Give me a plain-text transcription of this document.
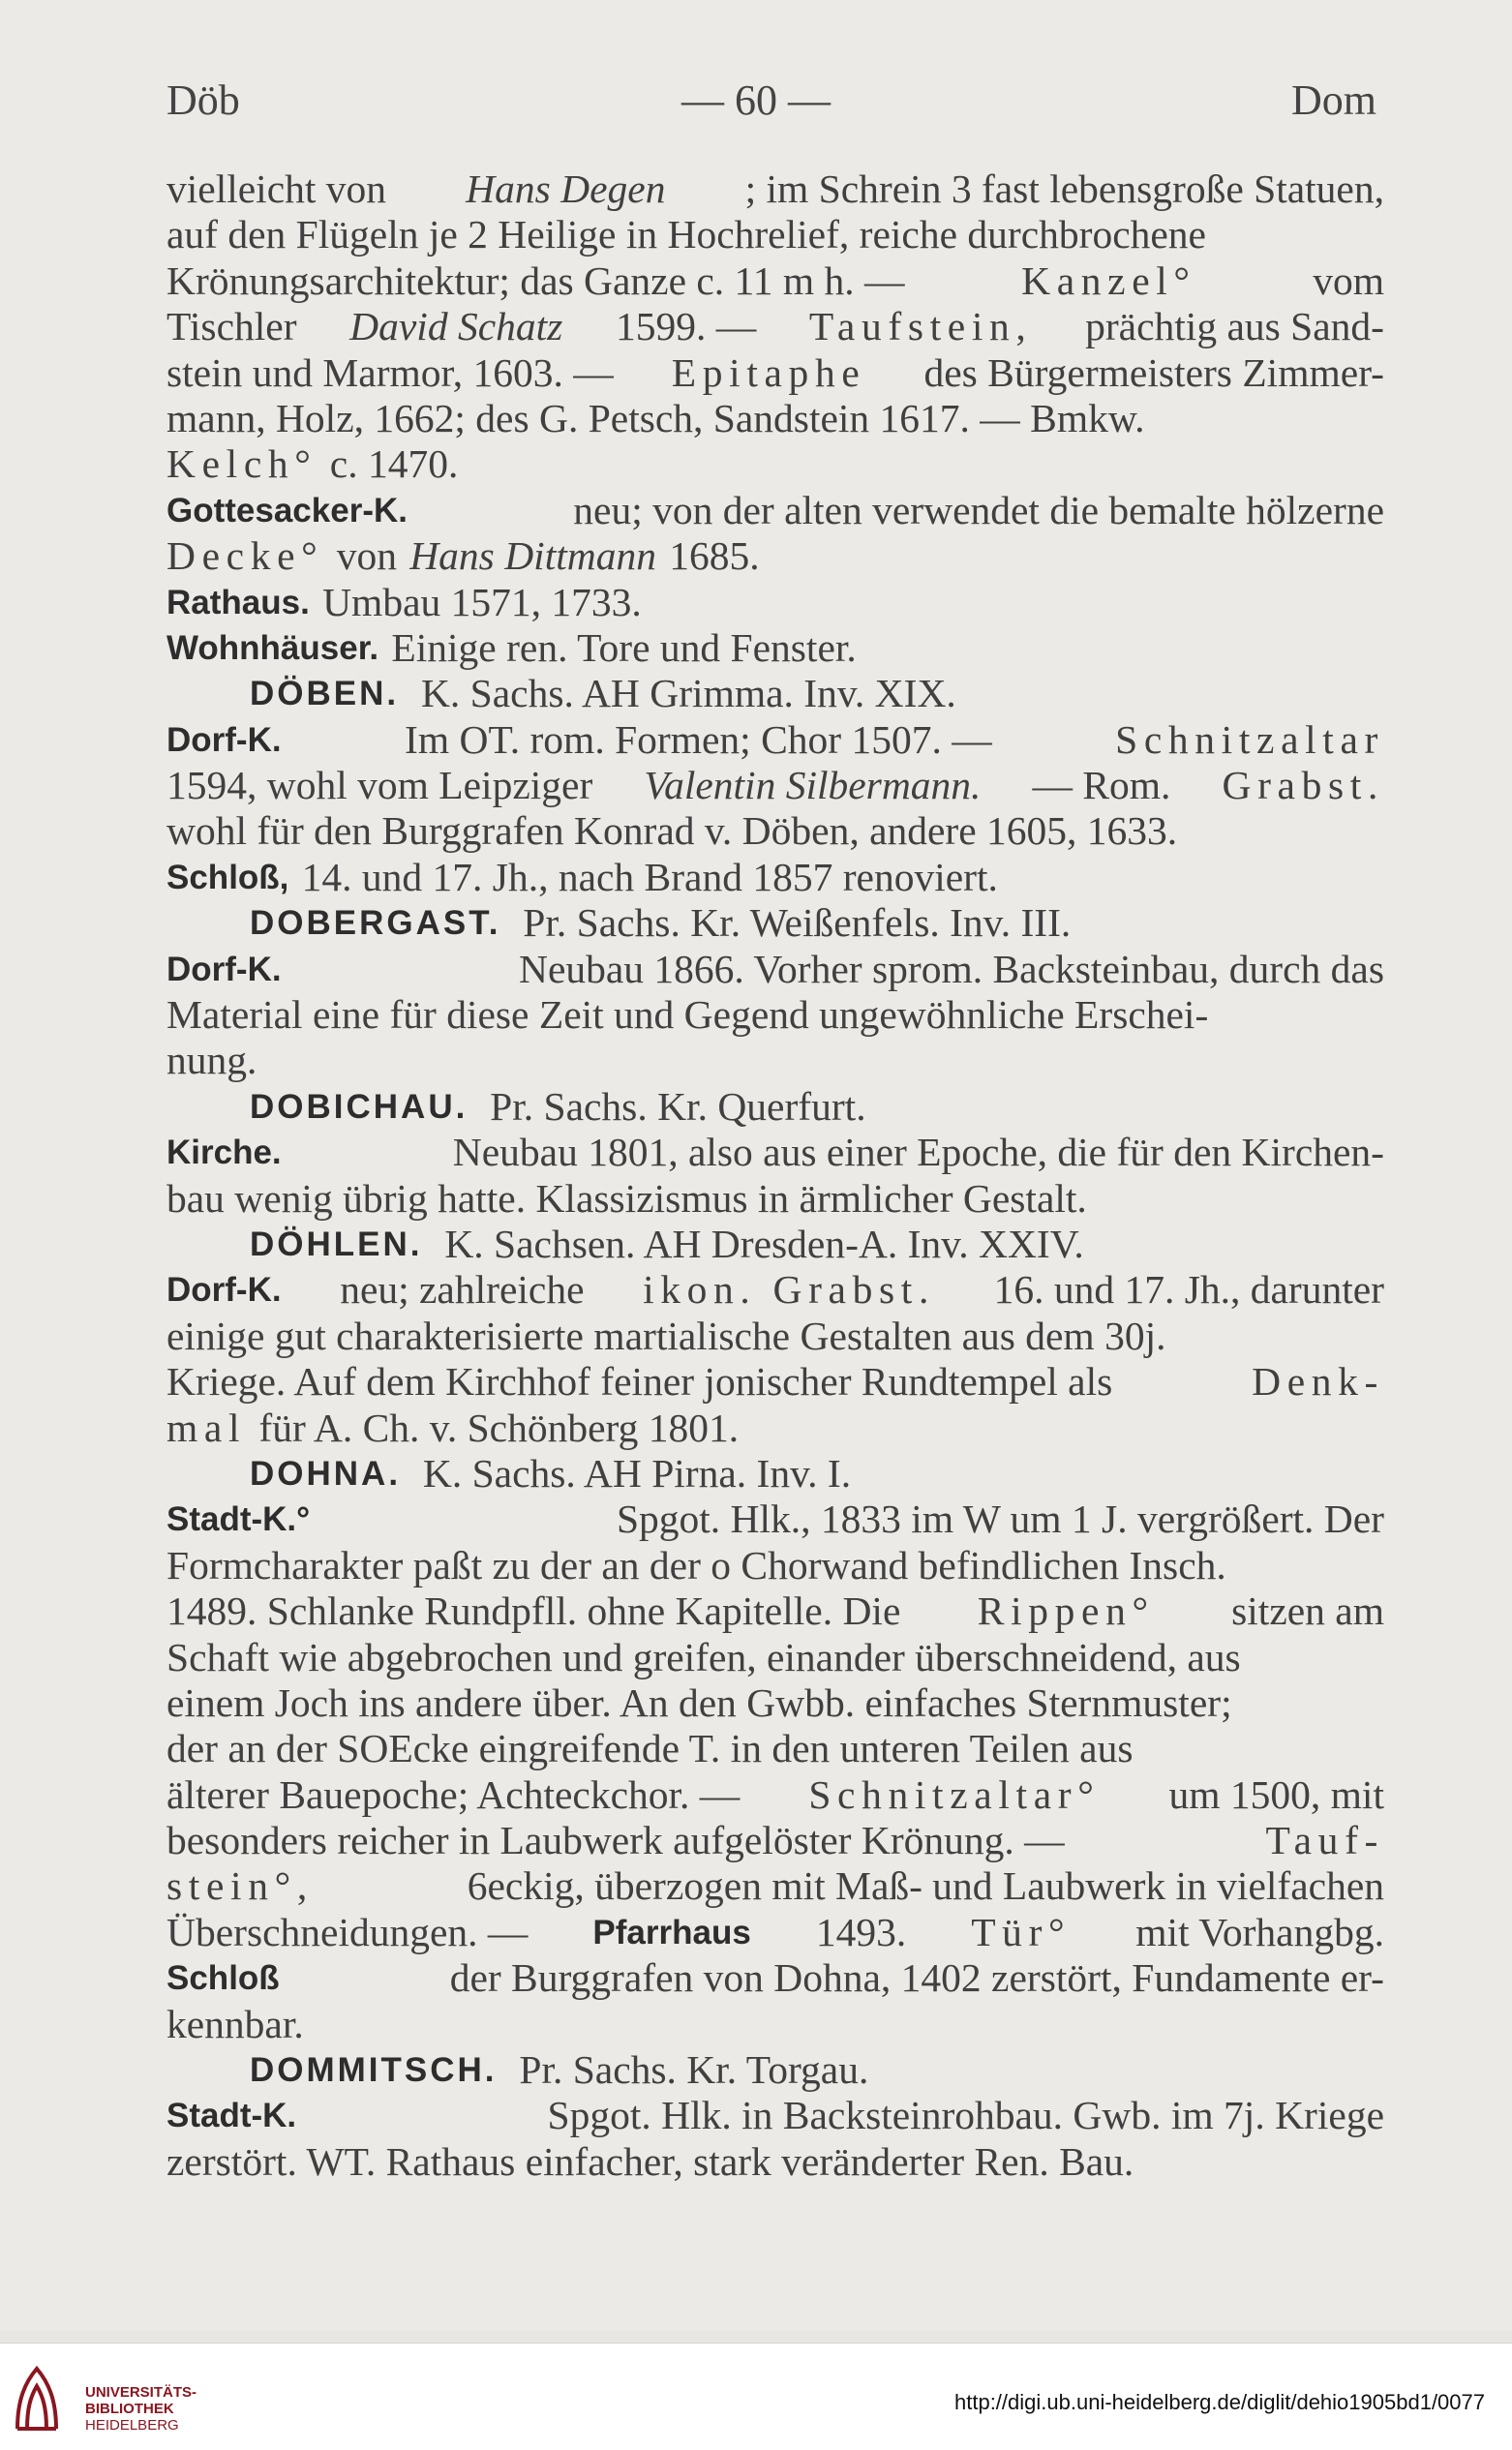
Döb	— 60 —	Dom
vielleicht von Hans Degen ; im Schrein 3 fast lebensgroße Statuen,
auf den Flügeln je 2 Heilige in Hochrelief, reiche durchbrochene
Krönungsarchitektur; das Ganze c. 11 m h. —	Kanzel°	vom
Tischler David Schatz 1599. — Taufstein, prächtig aus Sand-
stein und Marmor, 1603. — Epitaphe des Bürgermeisters Zimmer-
mann, Holz, 1662; des G. Petsch, Sandstein 1617. — Bmkw.
Kelch° c. 1470.
Gottesacker-K.	neu; von der alten verwendet die bemalte hölzerne
Decke° von Hans Dittmann 1685.
Rathaus. Umbau 1571, 1733.
Wohnhäuser. Einige ren. Tore und Fenster.
DÖBEN. K. Sachs. AH Grimma. Inv. XIX.
Dorf-K.	Im OT. rom. Formen; Chor 1507. —	Schnitzaltar
1594, wohl vom Leipziger Valentin Silbermann. — Rom. Grabst.
wohl für den Burggrafen Konrad v. Döben, andere 1605, 1633.
Schloß, 14. und 17. Jh., nach Brand 1857 renoviert.
DOBERGAST. Pr. Sachs. Kr. Weißenfels. Inv. III.
Dorf-K.	Neubau 1866. Vorher sprom. Backsteinbau, durch das
Material eine für diese Zeit und Gegend ungewöhnliche Erschei-
nung.
DOBICHAU. Pr. Sachs. Kr. Querfurt.
Kirche.	Neubau 1801, also aus einer Epoche, die für den Kirchen-
bau wenig übrig hatte. Klassizismus in ärmlicher Gestalt.
DÖHLEN. K. Sachsen. AH Dresden-A. Inv. XXIV.
Dorf-K. neu; zahlreiche ikon. Grabst. 16. und 17. Jh., darunter
einige gut charakterisierte martialische Gestalten aus dem 30j.
Kriege. Auf dem Kirchhof feiner jonischer Rundtempel als	Denk-
mal für A. Ch. v. Schönberg 1801.
DOHNA. K. Sachs. AH Pirna. Inv. I.
Stadt-K.°	Spgot. Hlk., 1833 im W um 1 J. vergrößert. Der
Formcharakter paßt zu der an der o Chorwand befindlichen Insch.
1489. Schlanke Rundpfll. ohne Kapitelle. Die Rippen° sitzen am
Schaft wie abgebrochen und greifen, einander überschneidend, aus
einem Joch ins andere über. An den Gwbb. einfaches Sternmuster;
der an der SOEcke eingreifende T. in den unteren Teilen aus
älterer Bauepoche; Achteckchor. — Schnitzaltar° um 1500, mit
besonders reicher in Laubwerk aufgelöster Krönung. —	Tauf-
stein°,	6eckig, überzogen mit Maß- und Laubwerk in vielfachen
Überschneidungen. — Pfarrhaus 1493. Tür° mit Vorhangbg.
Schloß	der Burggrafen von Dohna, 1402 zerstört, Fundamente er-
kennbar.
DOMMITSCH. Pr. Sachs. Kr. Torgau.
Stadt-K.	Spgot. Hlk. in Backsteinrohbau. Gwb. im 7j. Kriege
zerstört. WT. Rathaus einfacher, stark veränderter Ren. Bau.
UNIVERSITÄTS-
BIBLIOTHEK
HEIDELBERG
http://digi.ub.uni-heidelberg.de/diglit/dehio1905bd1/0077
